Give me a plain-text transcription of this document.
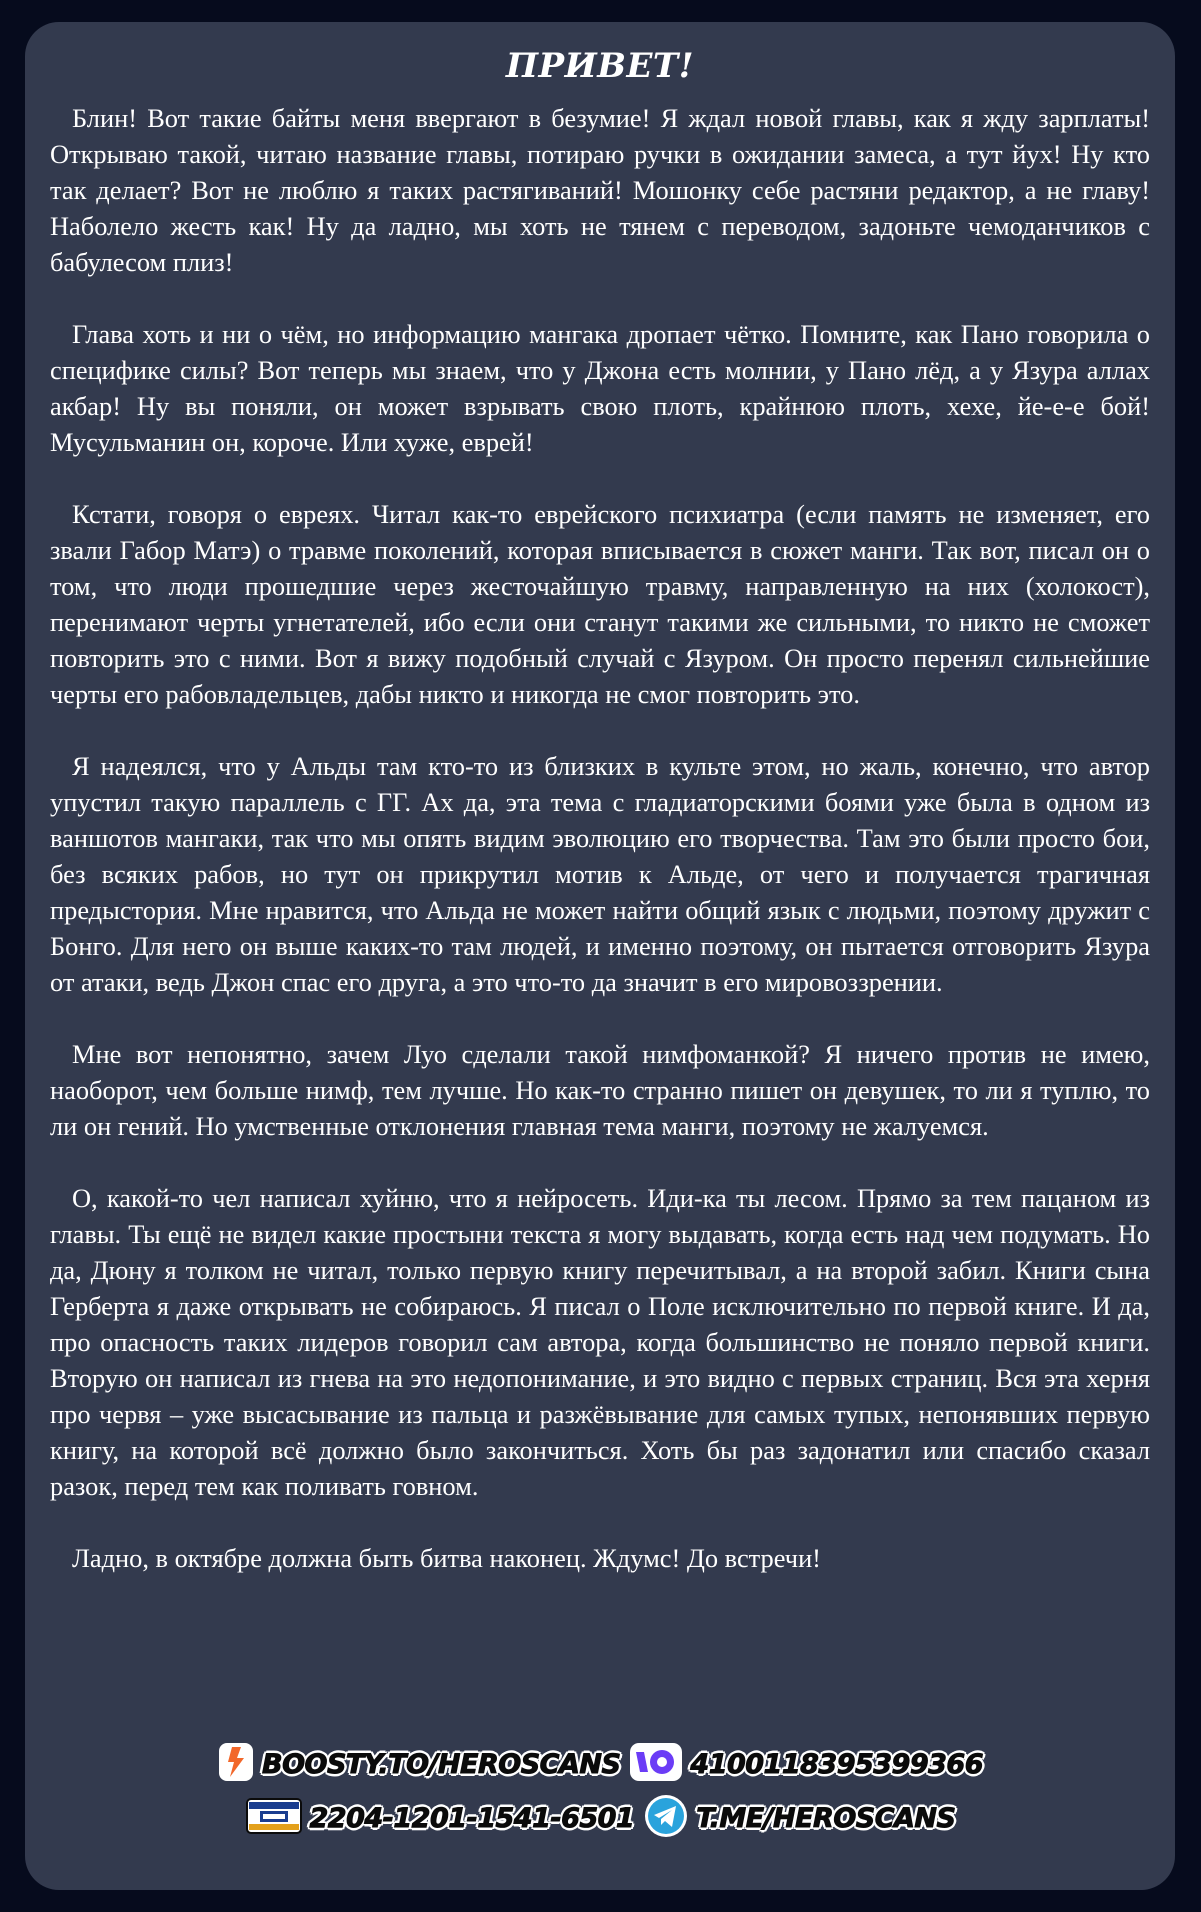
ПРИВЕТ!

Блин! Вот такие байты меня ввергают в безумие! Я ждал новой главы, как я жду зарплаты! Открываю такой, читаю название главы, потираю ручки в ожидании замеса, а тут йух! Ну кто так делает? Вот не люблю я таких растягиваний! Мошонку себе растяни редактор, а не главу! Наболело жесть как! Ну да ладно, мы хоть не тянем с переводом, задоньте чемоданчиков с бабулесом плиз!

Глава хоть и ни о чём, но информацию мангака дропает чётко. Помните, как Пано говорила о специфике силы? Вот теперь мы знаем, что у Джона есть молнии, у Пано лёд, а у Язура аллах акбар! Ну вы поняли, он может взрывать свою плоть, крайнюю плоть, хехе, йе-е-е бой! Мусульманин он, короче. Или хуже, еврей!

Кстати, говоря о евреях. Читал как-то еврейского психиатра (если память не изменяет, его звали Габор Матэ) о травме поколений, которая вписывается в сюжет манги. Так вот, писал он о том, что люди прошедшие через жесточайшую травму, направленную на них (холокост), перенимают черты угнетателей, ибо если они станут такими же сильными, то никто не сможет повторить это с ними. Вот я вижу подобный случай с Язуром. Он просто перенял сильнейшие черты его рабовладельцев, дабы никто и никогда не смог повторить это.

Я надеялся, что у Альды там кто-то из близких в культе этом, но жаль, конечно, что автор упустил такую параллель с ГГ. Ах да, эта тема с гладиаторскими боями уже была в одном из ваншотов мангаки, так что мы опять видим эволюцию его творчества. Там это были просто бои, без всяких рабов, но тут он прикрутил мотив к Альде, от чего и получается трагичная предыстория. Мне нравится, что Альда не может найти общий язык с людьми, поэтому дружит с Бонго. Для него он выше каких-то там людей, и именно поэтому, он пытается отговорить Язура от атаки, ведь Джон спас его друга, а это что-то да значит в его мировоззрении.

Мне вот непонятно, зачем Луо сделали такой нимфоманкой? Я ничего против не имею, наоборот, чем больше нимф, тем лучше. Но как-то странно пишет он девушек, то ли я туплю, то ли он гений. Но умственные отклонения главная тема манги, поэтому не жалуемся.

О, какой-то чел написал хуйню, что я нейросеть. Иди-ка ты лесом. Прямо за тем пацаном из главы. Ты ещё не видел какие простыни текста я могу выдавать, когда есть над чем подумать. Но да, Дюну я толком не читал, только первую книгу перечитывал, а на второй забил. Книги сына Герберта я даже открывать не собираюсь. Я писал о Поле исключительно по первой книге. И да, про опасность таких лидеров говорил сам автора, когда большинство не поняло первой книги. Вторую он написал из гнева на это недопонимание, и это видно с первых страниц. Вся эта херня про червя – уже высасывание из пальца и разжёвывание для самых тупых, непонявших первую книгу, на которой всё должно было закончиться. Хоть бы раз задонатил или спасибо сказал разок, перед тем как поливать говном.

Ладно, в октябре должна быть битва наконец. Ждумс! До встречи!

BOOSTY.TO/HEROSCANS	4100118395399366
2204-1201-1541-6501 T.ME/HEROSCANS
